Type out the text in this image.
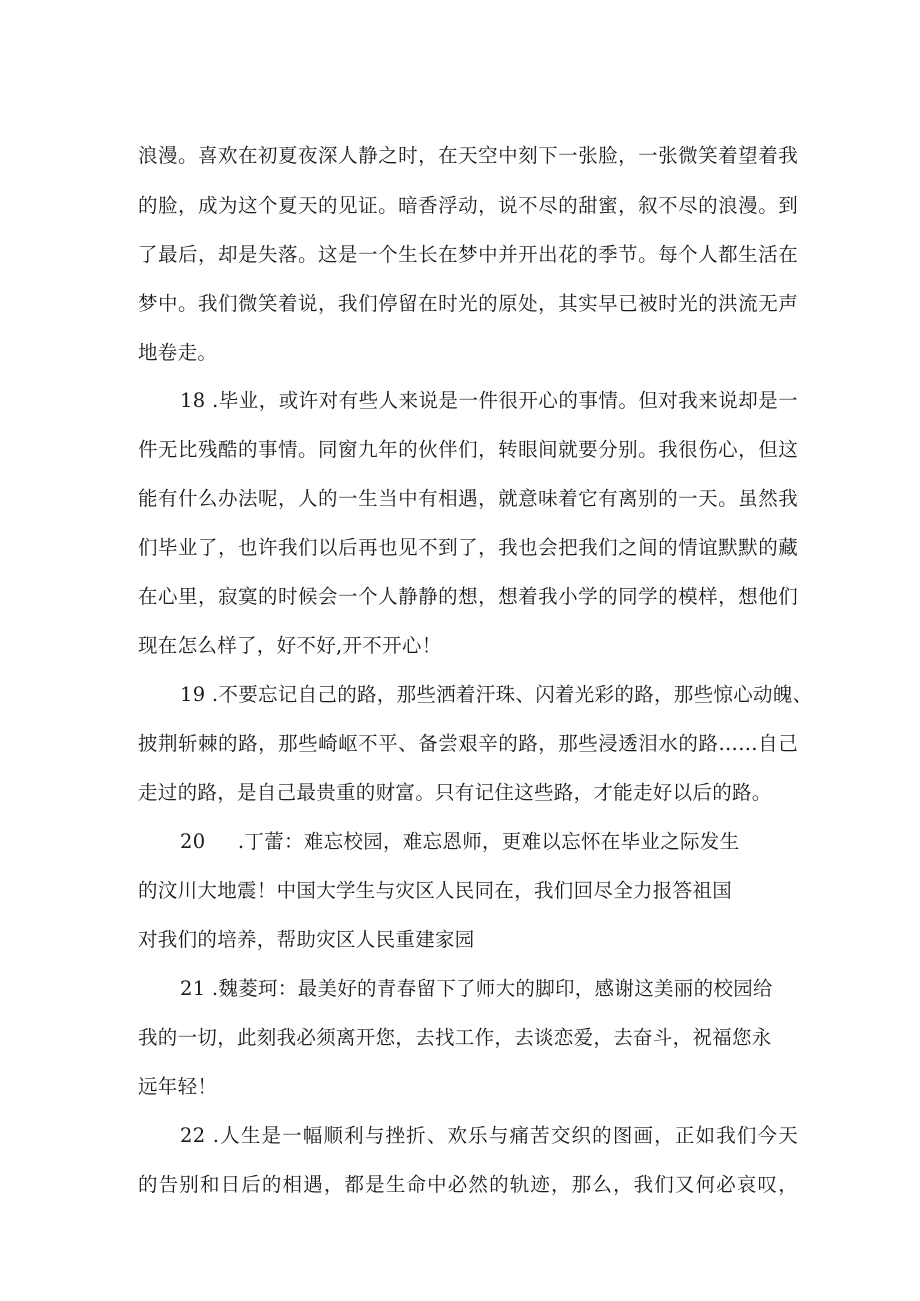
浪漫。喜欢在初夏夜深人静之时，在天空中刻下一张脸，一张微笑着望着我
的脸，成为这个夏天的见证。暗香浮动，说不尽的甜蜜，叙不尽的浪漫。到
了最后，却是失落。这是一个生长在梦中并开出花的季节。每个人都生活在
梦中。我们微笑着说，我们停留在时光的原处，其实早已被时光的洪流无声
地卷走。
18 .毕业，或许对有些人来说是一件很开心的事情。但对我来说却是一
件无比残酷的事情。同窗九年的伙伴们，转眼间就要分别。我很伤心，但这
能有什么办法呢，人的一生当中有相遇，就意味着它有离别的一天。虽然我
们毕业了，也许我们以后再也见不到了，我也会把我们之间的情谊默默的藏
在心里，寂寞的时候会一个人静静的想，想着我小学的同学的模样，想他们
现在怎么样了，好不好,开不开心！
19 .不要忘记自己的路，那些洒着汗珠、闪着光彩的路，那些惊心动魄、
披荆斩棘的路，那些崎岖不平、备尝艰辛的路，那些浸透泪水的路……自己
走过的路，是自己最贵重的财富。只有记住这些路，才能走好以后的路。
20     .丁蕾：难忘校园，难忘恩师，更难以忘怀在毕业之际发生
的汶川大地震！中国大学生与灾区人民同在，我们回尽全力报答祖国
对我们的培养，帮助灾区人民重建家园
21 .魏菱珂：最美好的青春留下了师大的脚印，感谢这美丽的校园给
我的一切，此刻我必须离开您，去找工作，去谈恋爱，去奋斗，祝福您永
远年轻！
22 .人生是一幅顺利与挫折、欢乐与痛苦交织的图画，正如我们今天
的告别和日后的相遇，都是生命中必然的轨迹，那么，我们又何必哀叹，
